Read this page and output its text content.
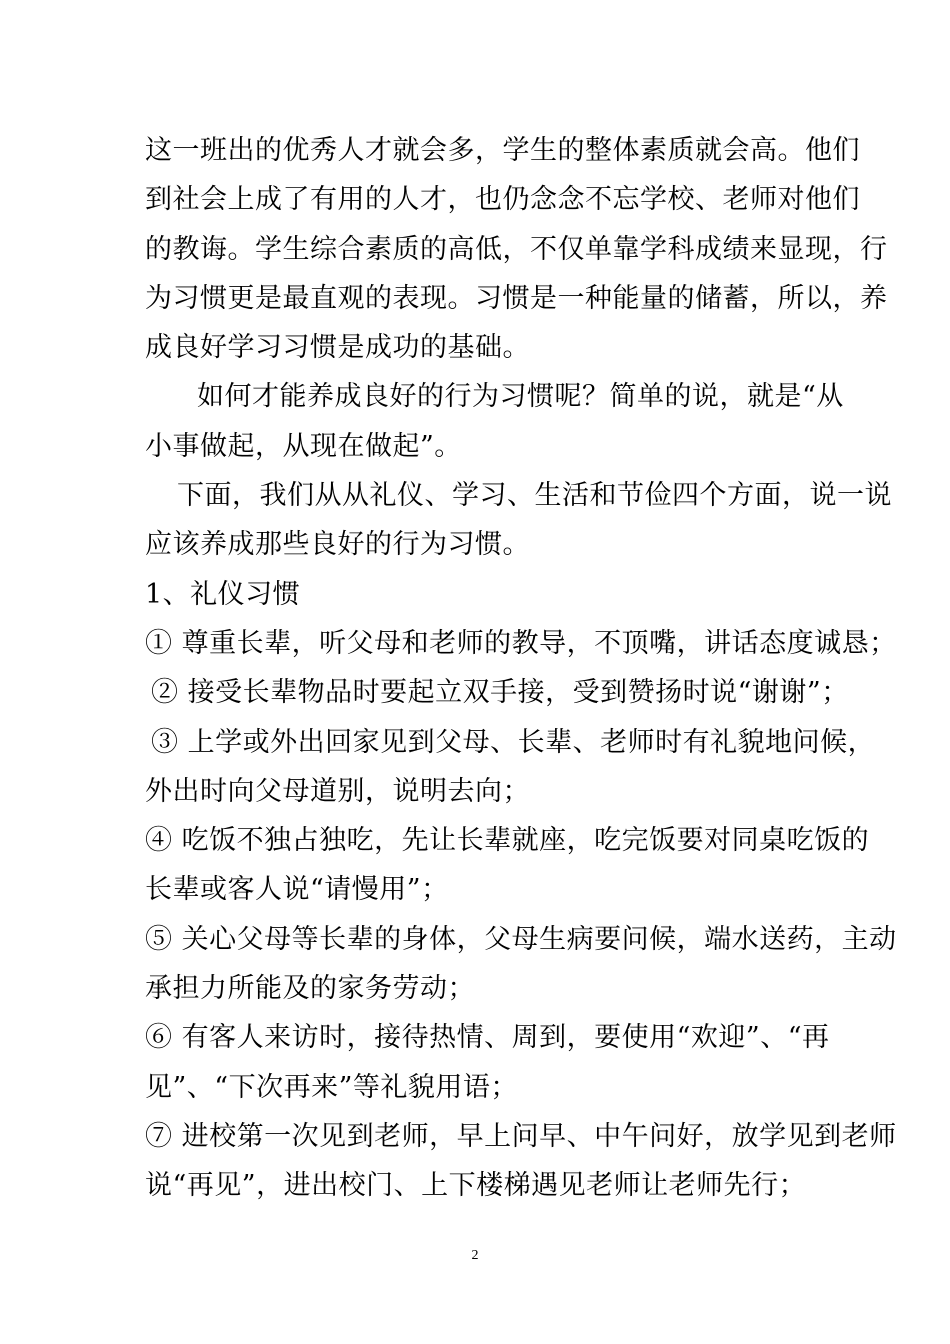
这一班出的优秀人才就会多，学生的整体素质就会高。他们
到社会上成了有用的人才，也仍念念不忘学校、老师对他们
的教诲。学生综合素质的高低，不仅单靠学科成绩来显现，行
为习惯更是最直观的表现。习惯是一种能量的储蓄，所以，养
成良好学习习惯是成功的基础。
如何才能养成良好的行为习惯呢？简单的说，就是“从
小事做起，从现在做起”。
下面，我们从从礼仪、学习、生活和节俭四个方面，说一说
应该养成那些良好的行为习惯。
1、礼仪习惯
① 尊重长辈，听父母和老师的教导，不顶嘴，讲话态度诚恳；
② 接受长辈物品时要起立双手接，受到赞扬时说“谢谢”；
③ 上学或外出回家见到父母、长辈、老师时有礼貌地问候，
外出时向父母道别，说明去向；
④ 吃饭不独占独吃，先让长辈就座，吃完饭要对同桌吃饭的
长辈或客人说“请慢用”；
⑤ 关心父母等长辈的身体，父母生病要问候，端水送药，主动
承担力所能及的家务劳动；
⑥ 有客人来访时，接待热情、周到，要使用“欢迎”、“再
见”、“下次再来”等礼貌用语；
⑦ 进校第一次见到老师，早上问早、中午问好，放学见到老师
说“再见”，进出校门、上下楼梯遇见老师让老师先行；
2
